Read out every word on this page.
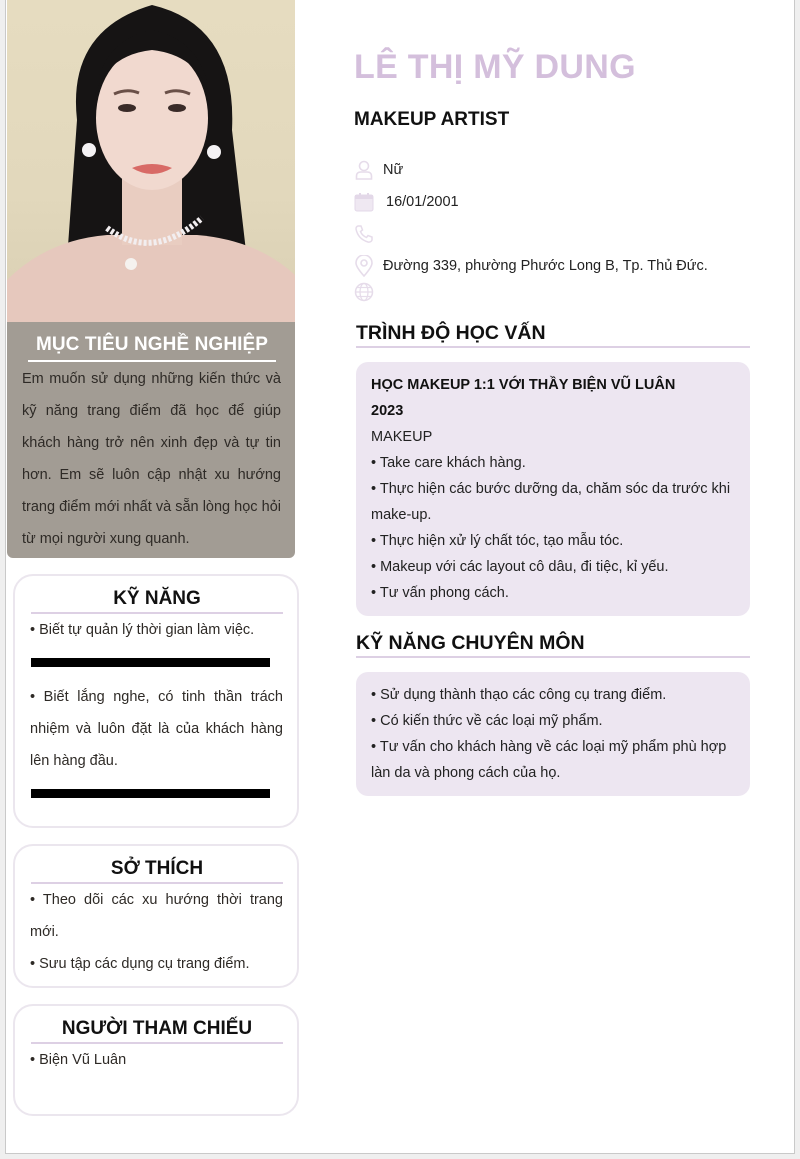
MỤC TIÊU NGHỀ NGHIỆP

Em muốn sử dụng những kiến thức và kỹ năng trang điểm đã học để giúp khách hàng trở nên xinh đẹp và tự tin hơn. Em sẽ luôn cập nhật xu hướng trang điểm mới nhất và sẵn lòng học hỏi từ mọi người xung quanh.

KỸ NĂNG
• Biết tự quản lý thời gian làm việc.
• Biết lắng nghe, có tinh thần trách nhiệm và luôn đặt là của khách hàng lên hàng đầu.
SỞ THÍCH
• Theo dõi các xu hướng thời trang mới.
• Sưu tập các dụng cụ trang điểm.
NGƯỜI THAM CHIẾU
• Biện Vũ Luân
LÊ THỊ MỸ DUNG
MAKEUP ARTIST
Nữ
16/01/2001
Đường 339, phường Phước Long B, Tp. Thủ Đức.
TRÌNH ĐỘ HỌC VẤN
HỌC MAKEUP 1:1 VỚI THẦY BIỆN VŨ LUÂN
2023
MAKEUP
• Take care khách hàng.
• Thực hiện các bước dưỡng da, chăm sóc da trước khi make-up.
• Thực hiện xử lý chất tóc, tạo mẫu tóc.
• Makeup với các layout cô dâu, đi tiệc, kỉ yếu.
• Tư vấn phong cách.
KỸ NĂNG CHUYÊN MÔN
• Sử dụng thành thạo các công cụ trang điểm.
• Có kiến thức về các loại mỹ phẩm.
• Tư vấn cho khách hàng về các loại mỹ phẩm phù hợp làn da và phong cách của họ.
